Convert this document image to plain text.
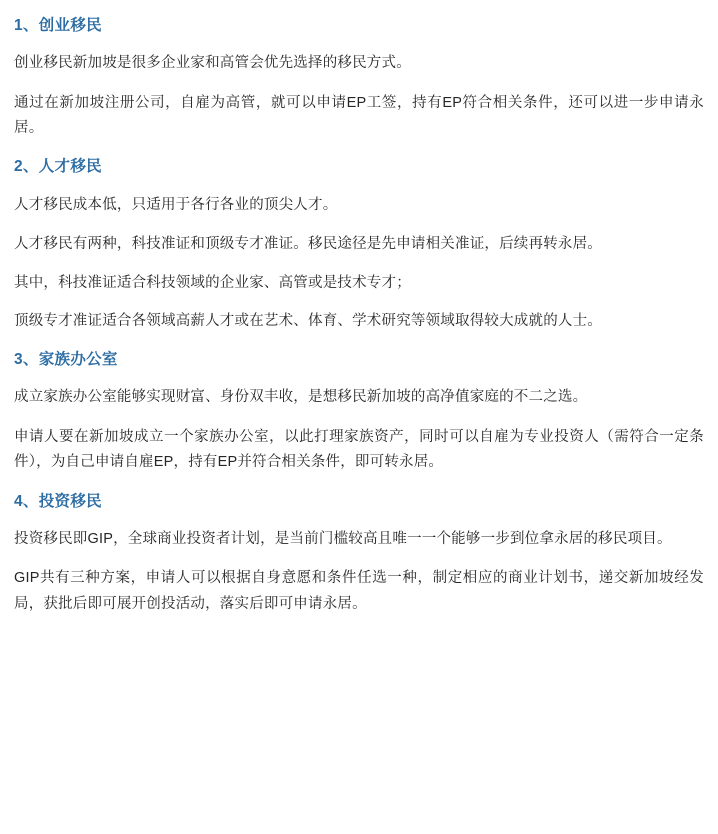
1、创业移民

创业移民新加坡是很多企业家和高管会优先选择的移民方式。

通过在新加坡注册公司，自雇为高管，就可以申请EP工签，持有EP符合相关条件，还可以进一步申请永居。

2、人才移民

人才移民成本低，只适用于各行各业的顶尖人才。

人才移民有两种，科技准证和顶级专才准证。移民途径是先申请相关准证，后续再转永居。

其中，科技准证适合科技领域的企业家、高管或是技术专才；

顶级专才准证适合各领域高薪人才或在艺术、体育、学术研究等领域取得较大成就的人士。

3、家族办公室

成立家族办公室能够实现财富、身份双丰收，是想移民新加坡的高净值家庭的不二之选。

申请人要在新加坡成立一个家族办公室，以此打理家族资产，同时可以自雇为专业投资人（需符合一定条件），为自己申请自雇EP，持有EP并符合相关条件，即可转永居。

4、投资移民

投资移民即GIP，全球商业投资者计划，是当前门槛较高且唯一一个能够一步到位拿永居的移民项目。

GIP共有三种方案，申请人可以根据自身意愿和条件任选一种，制定相应的商业计划书，递交新加坡经发局，获批后即可展开创投活动，落实后即可申请永居。
